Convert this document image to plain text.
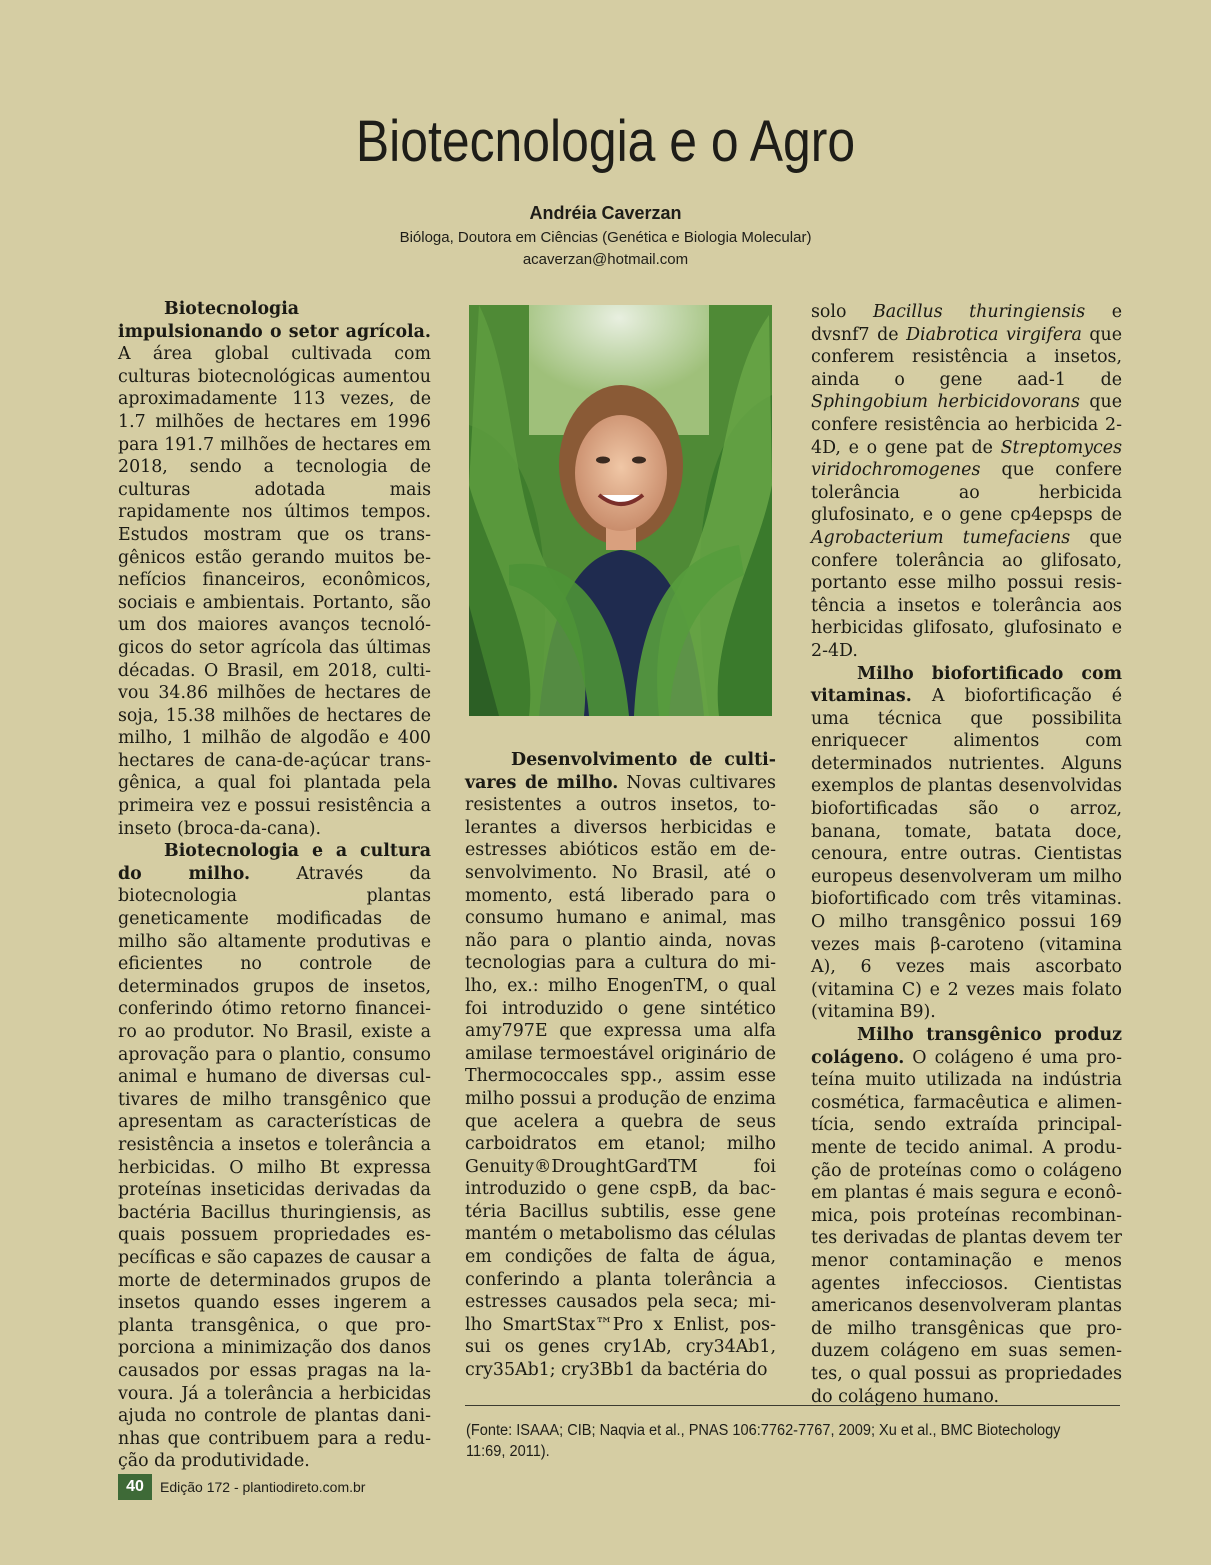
Biotecnologia e o Agro
Andréia Caverzan
Bióloga, Doutora em Ciências (Genética e Biologia Molecular)
acaverzan@hotmail.com

Biotecnologia impulsionando o setor agrícola. A área global cultivada com culturas biotecnológicas aumentou aproximadamente 113 vezes, de 1.7 milhões de hectares em 1996 para 191.7 milhões de hectares em 2018, sendo a tecnologia de culturas adotada mais rapidamente nos últimos tempos. Estudos mostram que os transgênicos estão gerando muitos benefícios financeiros, econômicos, sociais e ambientais. Portanto, são um dos maiores avanços tecnológicos do setor agrícola das últimas décadas. O Brasil, em 2018, cultivou 34.86 milhões de hectares de soja, 15.38 milhões de hectares de milho, 1 milhão de algodão e 400 hectares de cana-de-açúcar transgênica, a qual foi plantada pela primeira vez e possui resistência a inseto (broca-da-cana).

Biotecnologia e a cultura do milho. Através da biotecnologia plantas geneticamente modificadas de milho são altamente produtivas e eficientes no controle de determinados grupos de insetos, conferindo ótimo retorno financeiro ao produtor. No Brasil, existe a aprovação para o plantio, consumo animal e humano de diversas cultivares de milho transgênico que apresentam as características de resistência a insetos e tolerância a herbicidas. O milho Bt expressa proteínas inseticidas derivadas da bactéria Bacillus thuringiensis, as quais possuem propriedades específicas e são capazes de causar a morte de determinados grupos de insetos quando esses ingerem a planta transgênica, o que proporciona a minimização dos danos causados por essas pragas na lavoura. Já a tolerância a herbicidas ajuda no controle de plantas daninhas que contribuem para a redução da produtividade.

Desenvolvimento de cultivares de milho. Novas cultivares resistentes a outros insetos, tolerantes a diversos herbicidas e estresses abióticos estão em desenvolvimento. No Brasil, até o momento, está liberado para o consumo humano e animal, mas não para o plantio ainda, novas tecnologias para a cultura do milho, ex.: milho EnogenTM, o qual foi introduzido o gene sintético amy797E que expressa uma alfa amilase termoestável originário de Thermococcales spp., assim esse milho possui a produção de enzima que acelera a quebra de seus carboidratos em etanol; milho Genuity®DroughtGardTM foi introduzido o gene cspB, da bactéria Bacillus subtilis, esse gene mantém o metabolismo das células em condições de falta de água, conferindo a planta tolerância a estresses causados pela seca; milho SmartStax™Pro x Enlist, possui os genes cry1Ab, cry34Ab1, cry35Ab1; cry3Bb1 da bactéria do

solo Bacillus thuringiensis e dvsnf7 de Diabrotica virgifera que conferem resistência a insetos, ainda o gene aad-1 de Sphingobium herbicidovorans que confere resistência ao herbicida 2-4D, e o gene pat de Streptomyces viridochromogenes que confere tolerância ao herbicida glufosinato, e o gene cp4epsps de Agrobacterium tumefaciens que confere tolerância ao glifosato, portanto esse milho possui resistência a insetos e tolerância aos herbicidas glifosato, glufosinato e 2-4D.

Milho biofortificado com vitaminas. A biofortificação é uma técnica que possibilita enriquecer alimentos com determinados nutrientes. Alguns exemplos de plantas desenvolvidas biofortificadas são o arroz, banana, tomate, batata doce, cenoura, entre outras. Cientistas europeus desenvolveram um milho biofortificado com três vitaminas. O milho transgênico possui 169 vezes mais β-caroteno (vitamina A), 6 vezes mais ascorbato (vitamina C) e 2 vezes mais folato (vitamina B9).

Milho transgênico produz colágeno. O colágeno é uma proteína muito utilizada na indústria cosmética, farmacêutica e alimentícia, sendo extraída principalmente de tecido animal. A produção de proteínas como o colágeno em plantas é mais segura e econômica, pois proteínas recombinantes derivadas de plantas devem ter menor contaminação e menos agentes infecciosos. Cientistas americanos desenvolveram plantas de milho transgênicas que produzem colágeno em suas sementes, o qual possui as propriedades do colágeno humano.

(Fonte: ISAAA; CIB; Naqvia et al., PNAS 106:7762-7767, 2009; Xu et al., BMC Biotechology 11:69, 2011).
40	Edição 172 - plantiodireto.com.br
